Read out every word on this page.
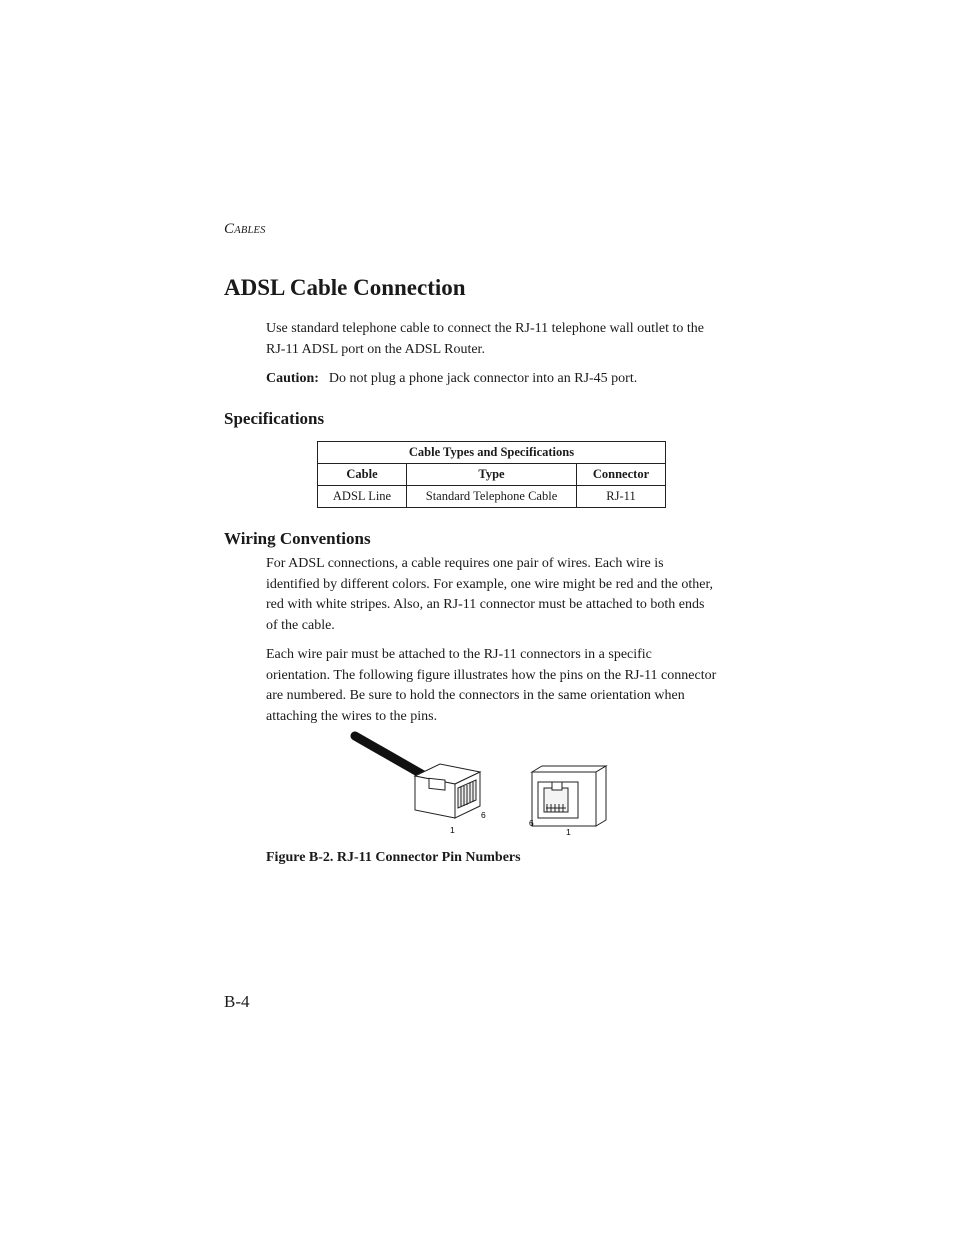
CABLES
ADSL Cable Connection

Use standard telephone cable to connect the RJ-11 telephone wall outlet to the RJ-11 ADSL port on the ADSL Router.

Caution: Do not plug a phone jack connector into an RJ-45 port.

Specifications
Cable Types and Specifications		
Cable	Type	Connector
ADSL Line	Standard Telephone Cable	RJ-11
Wiring Conventions

For ADSL connections, a cable requires one pair of wires. Each wire is identified by different colors. For example, one wire might be red and the other, red with white stripes. Also, an RJ-11 connector must be attached to both ends of the cable.

Each wire pair must be attached to the RJ-11 connectors in a specific orientation. The following figure illustrates how the pins on the RJ-11 connector are numbered. Be sure to hold the connectors in the same orientation when attaching the wires to the pins.

1
6
6
1

Figure B-2. RJ-11 Connector Pin Numbers

B-4
